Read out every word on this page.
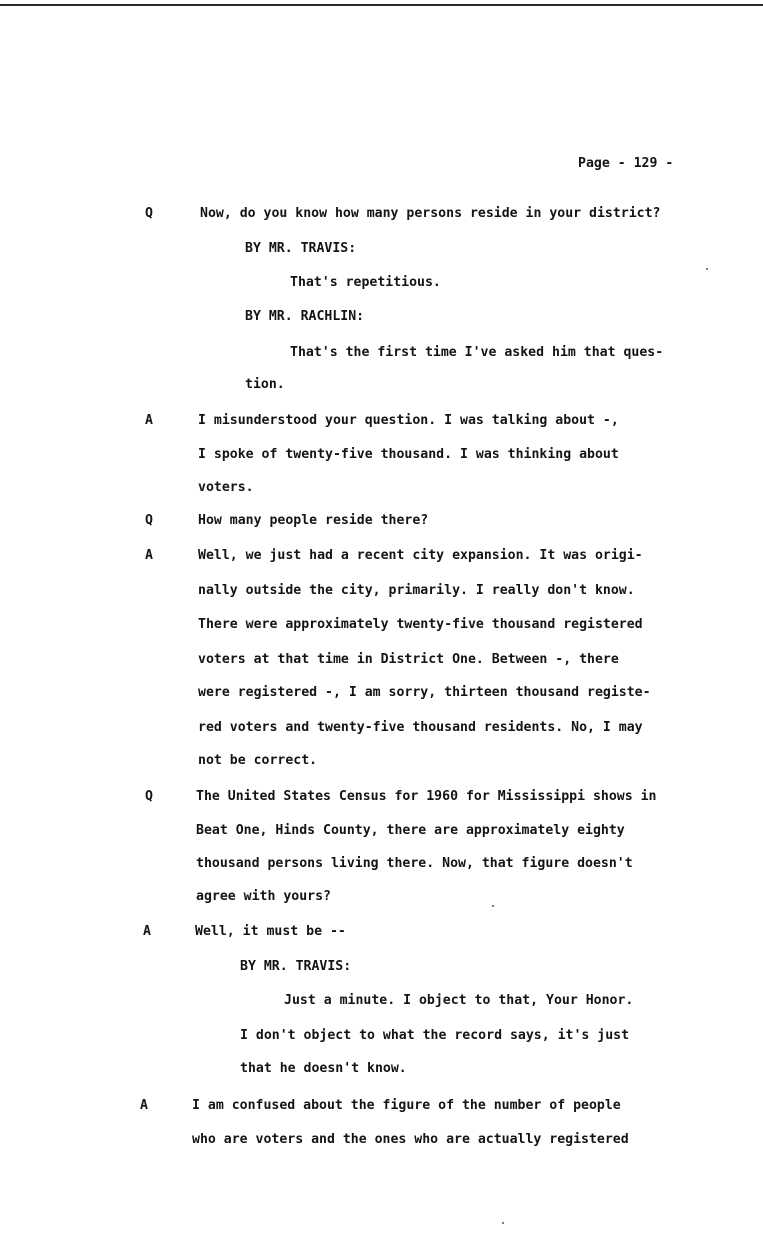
Page - 129 -
Q	Now, do you know how many persons reside in your district?
BY MR. TRAVIS:
That's repetitious.
BY MR. RACHLIN:
That's the first time I've asked him that ques-
tion.
A	I misunderstood your question. I was talking about -,
I spoke of twenty-five thousand. I was thinking about
voters.
Q	How many people reside there?
A	Well, we just had a recent city expansion. It was origi-
nally outside the city, primarily. I really don't know.
There were approximately twenty-five thousand registered
voters at that time in District One. Between -, there
were registered -, I am sorry, thirteen thousand registe-
red voters and twenty-five thousand residents. No, I may
not be correct.
Q	The United States Census for 1960 for Mississippi shows in
Beat One, Hinds County, there are approximately eighty
thousand persons living there. Now, that figure doesn't
agree with yours?
A	Well, it must be --
BY MR. TRAVIS:
Just a minute. I object to that, Your Honor.
I don't object to what the record says, it's just
that he doesn't know.
A	I am confused about the figure of the number of people
who are voters and the ones who are actually registered
